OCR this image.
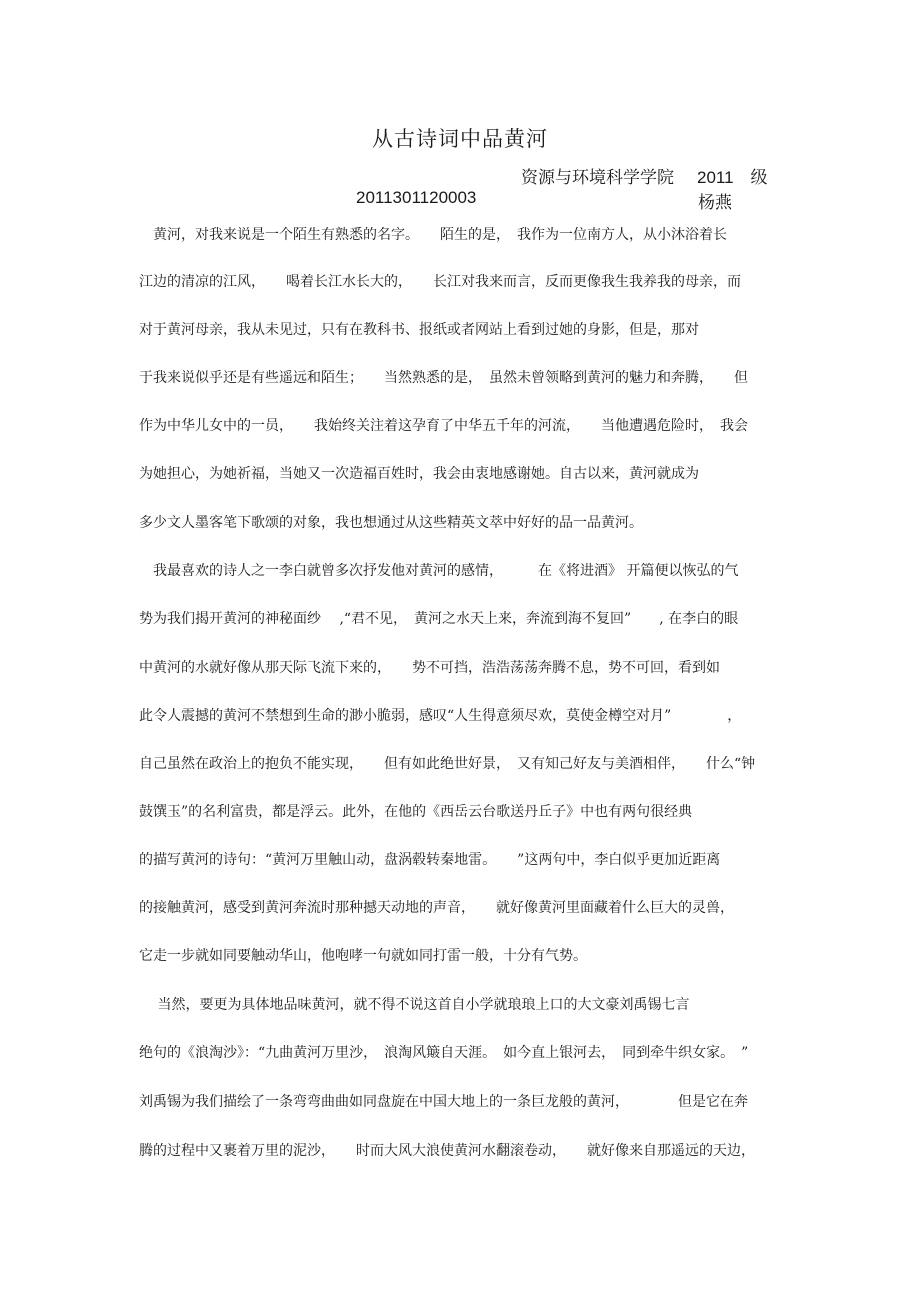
从古诗词中品黄河
资源与环境科学学院 2011　级
2011301120003	杨燕
　黄河，对我来说是一个陌生有熟悉的名字。　　陌生的是，　我作为一位南方人，从小沐浴着长
江边的清凉的江风，　　喝着长江水长大的，　　长江对我来而言，反而更像我生我养我的母亲，而
对于黄河母亲，我从未见过，只有在教科书、报纸或者网站上看到过她的身影，但是，那对
于我来说似乎还是有些遥远和陌生；　　当然熟悉的是，　虽然未曾领略到黄河的魅力和奔腾，　　但
作为中华儿女中的一员，　　我始终关注着这孕育了中华五千年的河流，　　当他遭遇危险时，　我会
为她担心，为她祈福，当她又一次造福百姓时，我会由衷地感谢她。自古以来，黄河就成为
多少文人墨客笔下歌颂的对象，我也想通过从这些精英文萃中好好的品一品黄河。
　我最喜欢的诗人之一李白就曾多次抒发他对黄河的感情，　　　在《将进酒》 开篇便以恢弘的气
势为我们揭开黄河的神秘面纱　 ,“君不见，　黄河之水天上来，奔流到海不复回”　　, 在李白的眼
中黄河的水就好像从那天际飞流下来的，　　势不可挡，浩浩荡荡奔腾不息，势不可回，看到如
此令人震撼的黄河不禁想到生命的渺小脆弱，感叹“人生得意须尽欢，莫使金樽空对月”　　　　，
自己虽然在政治上的抱负不能实现，　　但有如此绝世好景，　又有知己好友与美酒相伴，　　什么“钟
鼓馔玉”的名利富贵，都是浮云。此外，在他的《西岳云台歌送丹丘子》中也有两句很经典
的描写黄河的诗句：“黄河万里触山动，盘涡毂转秦地雷。　　”这两句中，李白似乎更加近距离
的接触黄河，感受到黄河奔流时那种撼天动地的声音，　　就好像黄河里面藏着什么巨大的灵兽，
它走一步就如同要触动华山，他咆哮一句就如同打雷一般，十分有气势。
　 当然，要更为具体地品味黄河，就不得不说这首自小学就琅琅上口的大文豪刘禹锡七言
绝句的《浪淘沙》：“九曲黄河万里沙，　浪淘风簸自天涯。　如今直上银河去，　同到牵牛织女家。　”
刘禹锡为我们描绘了一条弯弯曲曲如同盘旋在中国大地上的一条巨龙般的黄河，　　　　但是它在奔
腾的过程中又裹着万里的泥沙，　　时而大风大浪使黄河水翻滚卷动，　　就好像来自那遥远的天边，
